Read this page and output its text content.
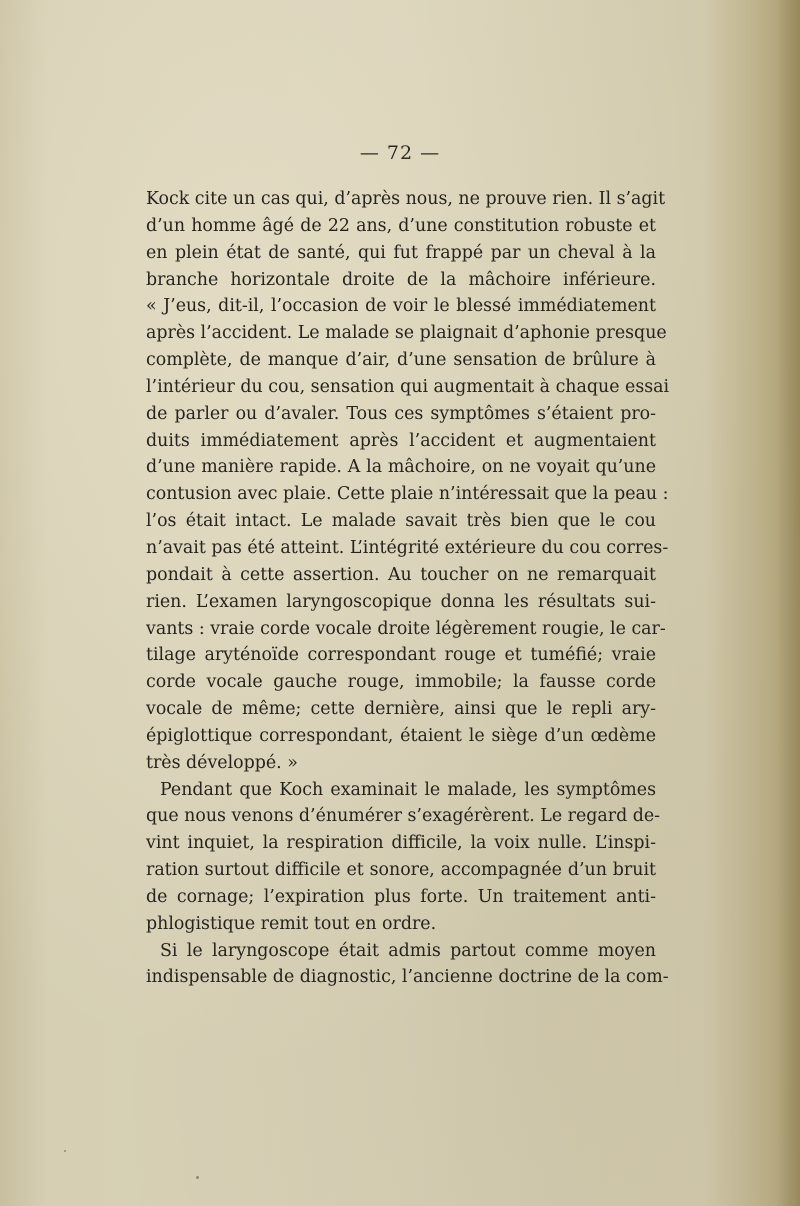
— 72 —
Kock cite un cas qui, d’après nous, ne prouve rien. Il s’agit
d’un homme âgé de 22 ans, d’une constitution robuste et
en plein état de santé, qui fut frappé par un cheval à la
branche horizontale droite de la mâchoire inférieure.
« J’eus, dit-il, l’occasion de voir le blessé immédiatement
après l’accident. Le malade se plaignait d’aphonie presque
complète, de manque d’air, d’une sensation de brûlure à
l’intérieur du cou, sensation qui augmentait à chaque essai
de parler ou d’avaler. Tous ces symptômes s’étaient pro-
duits immédiatement après l’accident et augmentaient
d’une manière rapide. A la mâchoire, on ne voyait qu’une
contusion avec plaie. Cette plaie n’intéressait que la peau :
l’os était intact. Le malade savait très bien que le cou
n’avait pas été atteint. L’intégrité extérieure du cou corres-
pondait à cette assertion. Au toucher on ne remarquait
rien. L’examen laryngoscopique donna les résultats sui-
vants : vraie corde vocale droite légèrement rougie, le car-
tilage aryténoïde correspondant rouge et tuméfié; vraie
corde vocale gauche rouge, immobile; la fausse corde
vocale de même; cette dernière, ainsi que le repli ary-
épiglottique correspondant, étaient le siège d’un œdème
très développé. »
Pendant que Koch examinait le malade, les symptômes
que nous venons d’énumérer s’exagérèrent. Le regard de-
vint inquiet, la respiration difficile, la voix nulle. L’inspi-
ration surtout difficile et sonore, accompagnée d’un bruit
de cornage; l’expiration plus forte. Un traitement anti-
phlogistique remit tout en ordre.
Si le laryngoscope était admis partout comme moyen
indispensable de diagnostic, l’ancienne doctrine de la com-
